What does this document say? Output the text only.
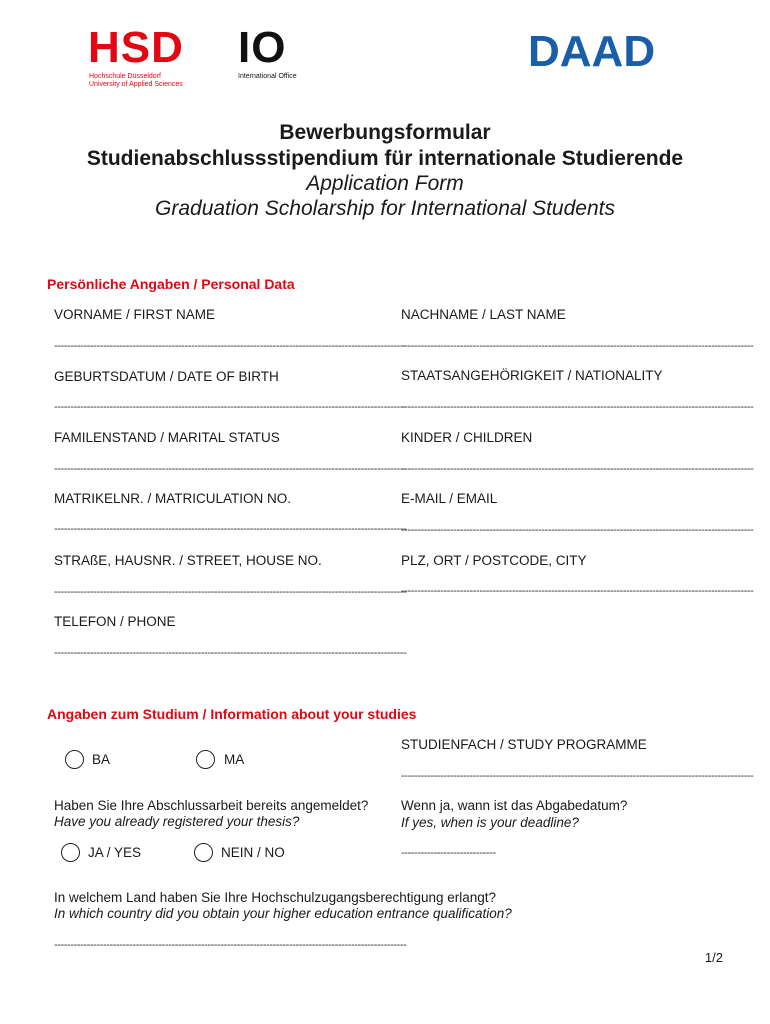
HSD
Hochschule Düsseldorf
University of Applied Sciences
IO
International Office
DAAD
Bewerbungsformular
Studienabschlussstipendium für internationale Studierende
Application Form
Graduation Scholarship for International Students
Persönliche Angaben / Personal Data
VORNAME / FIRST NAME	NACHNAME / LAST NAME
------------------------------------------------------------------------------------------------------------
------------------------------------------------------------------------------------------------------------
GEBURTSDATUM / DATE OF BIRTH	STAATSANGEHÖRIGKEIT / NATIONALITY
------------------------------------------------------------------------------------------------------------
------------------------------------------------------------------------------------------------------------
FAMILENSTAND / MARITAL STATUS	KINDER / CHILDREN
------------------------------------------------------------------------------------------------------------
------------------------------------------------------------------------------------------------------------
MATRIKELNR. / MATRICULATION NO.	E-MAIL / EMAIL
------------------------------------------------------------------------------------------------------------
------------------------------------------------------------------------------------------------------------
STRAßE, HAUSNR. / STREET, HOUSE NO.	PLZ, ORT / POSTCODE, CITY
------------------------------------------------------------------------------------------------------------
------------------------------------------------------------------------------------------------------------
TELEFON / PHONE
------------------------------------------------------------------------------------------------------------
Angaben zum Studium / Information about your studies
BA	MA
STUDIENFACH / STUDY PROGRAMME
------------------------------------------------------------------------------------------------------------
Haben Sie Ihre Abschlussarbeit bereits angemeldet?
Have you already registered your thesis?
Wenn ja, wann ist das Abgabedatum?
If yes, when is your deadline?
JA / YES	NEIN / NO	-----------------------------
In welchem Land haben Sie Ihre Hochschulzugangsberechtigung erlangt?
In which country did you obtain your higher education entrance qualification?
------------------------------------------------------------------------------------------------------------
1/2
